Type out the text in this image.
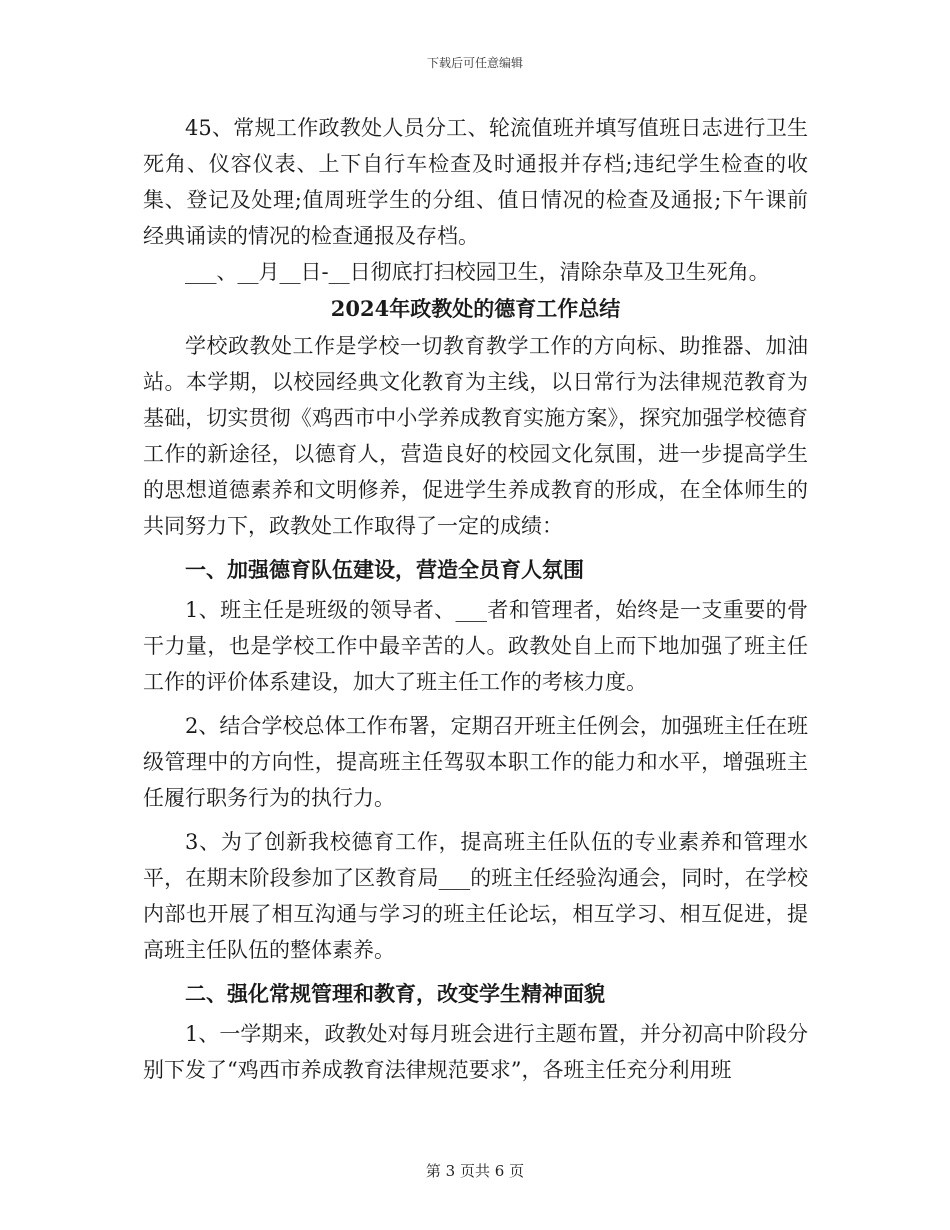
下载后可任意编辑

45、常规工作政教处人员分工、轮流值班并填写值班日志进行卫生死角、仪容仪表、上下自行车检查及时通报并存档;违纪学生检查的收集、登记及处理;值周班学生的分组、值日情况的检查及通报;下午课前经典诵读的情况的检查通报及存档。

___、__月__日-__日彻底打扫校园卫生，清除杂草及卫生死角。

2024年政教处的德育工作总结

学校政教处工作是学校一切教育教学工作的方向标、助推器、加油站。本学期，以校园经典文化教育为主线，以日常行为法律规范教育为基础，切实贯彻《鸡西市中小学养成教育实施方案》，探究加强学校德育工作的新途径，以德育人，营造良好的校园文化氛围，进一步提高学生的思想道德素养和文明修养，促进学生养成教育的形成，在全体师生的共同努力下，政教处工作取得了一定的成绩：

一、加强德育队伍建设，营造全员育人氛围

1、班主任是班级的领导者、___者和管理者，始终是一支重要的骨干力量，也是学校工作中最辛苦的人。政教处自上而下地加强了班主任工作的评价体系建设，加大了班主任工作的考核力度。

2、结合学校总体工作布署，定期召开班主任例会，加强班主任在班级管理中的方向性，提高班主任驾驭本职工作的能力和水平，增强班主任履行职务行为的执行力。

3、为了创新我校德育工作，提高班主任队伍的专业素养和管理水平，在期末阶段参加了区教育局___的班主任经验沟通会，同时，在学校内部也开展了相互沟通与学习的班主任论坛，相互学习、相互促进，提高班主任队伍的整体素养。

二、强化常规管理和教育，改变学生精神面貌

1、一学期来，政教处对每月班会进行主题布置，并分初高中阶段分别下发了“鸡西市养成教育法律规范要求”，各班主任充分利用班

第 3 页共 6 页
